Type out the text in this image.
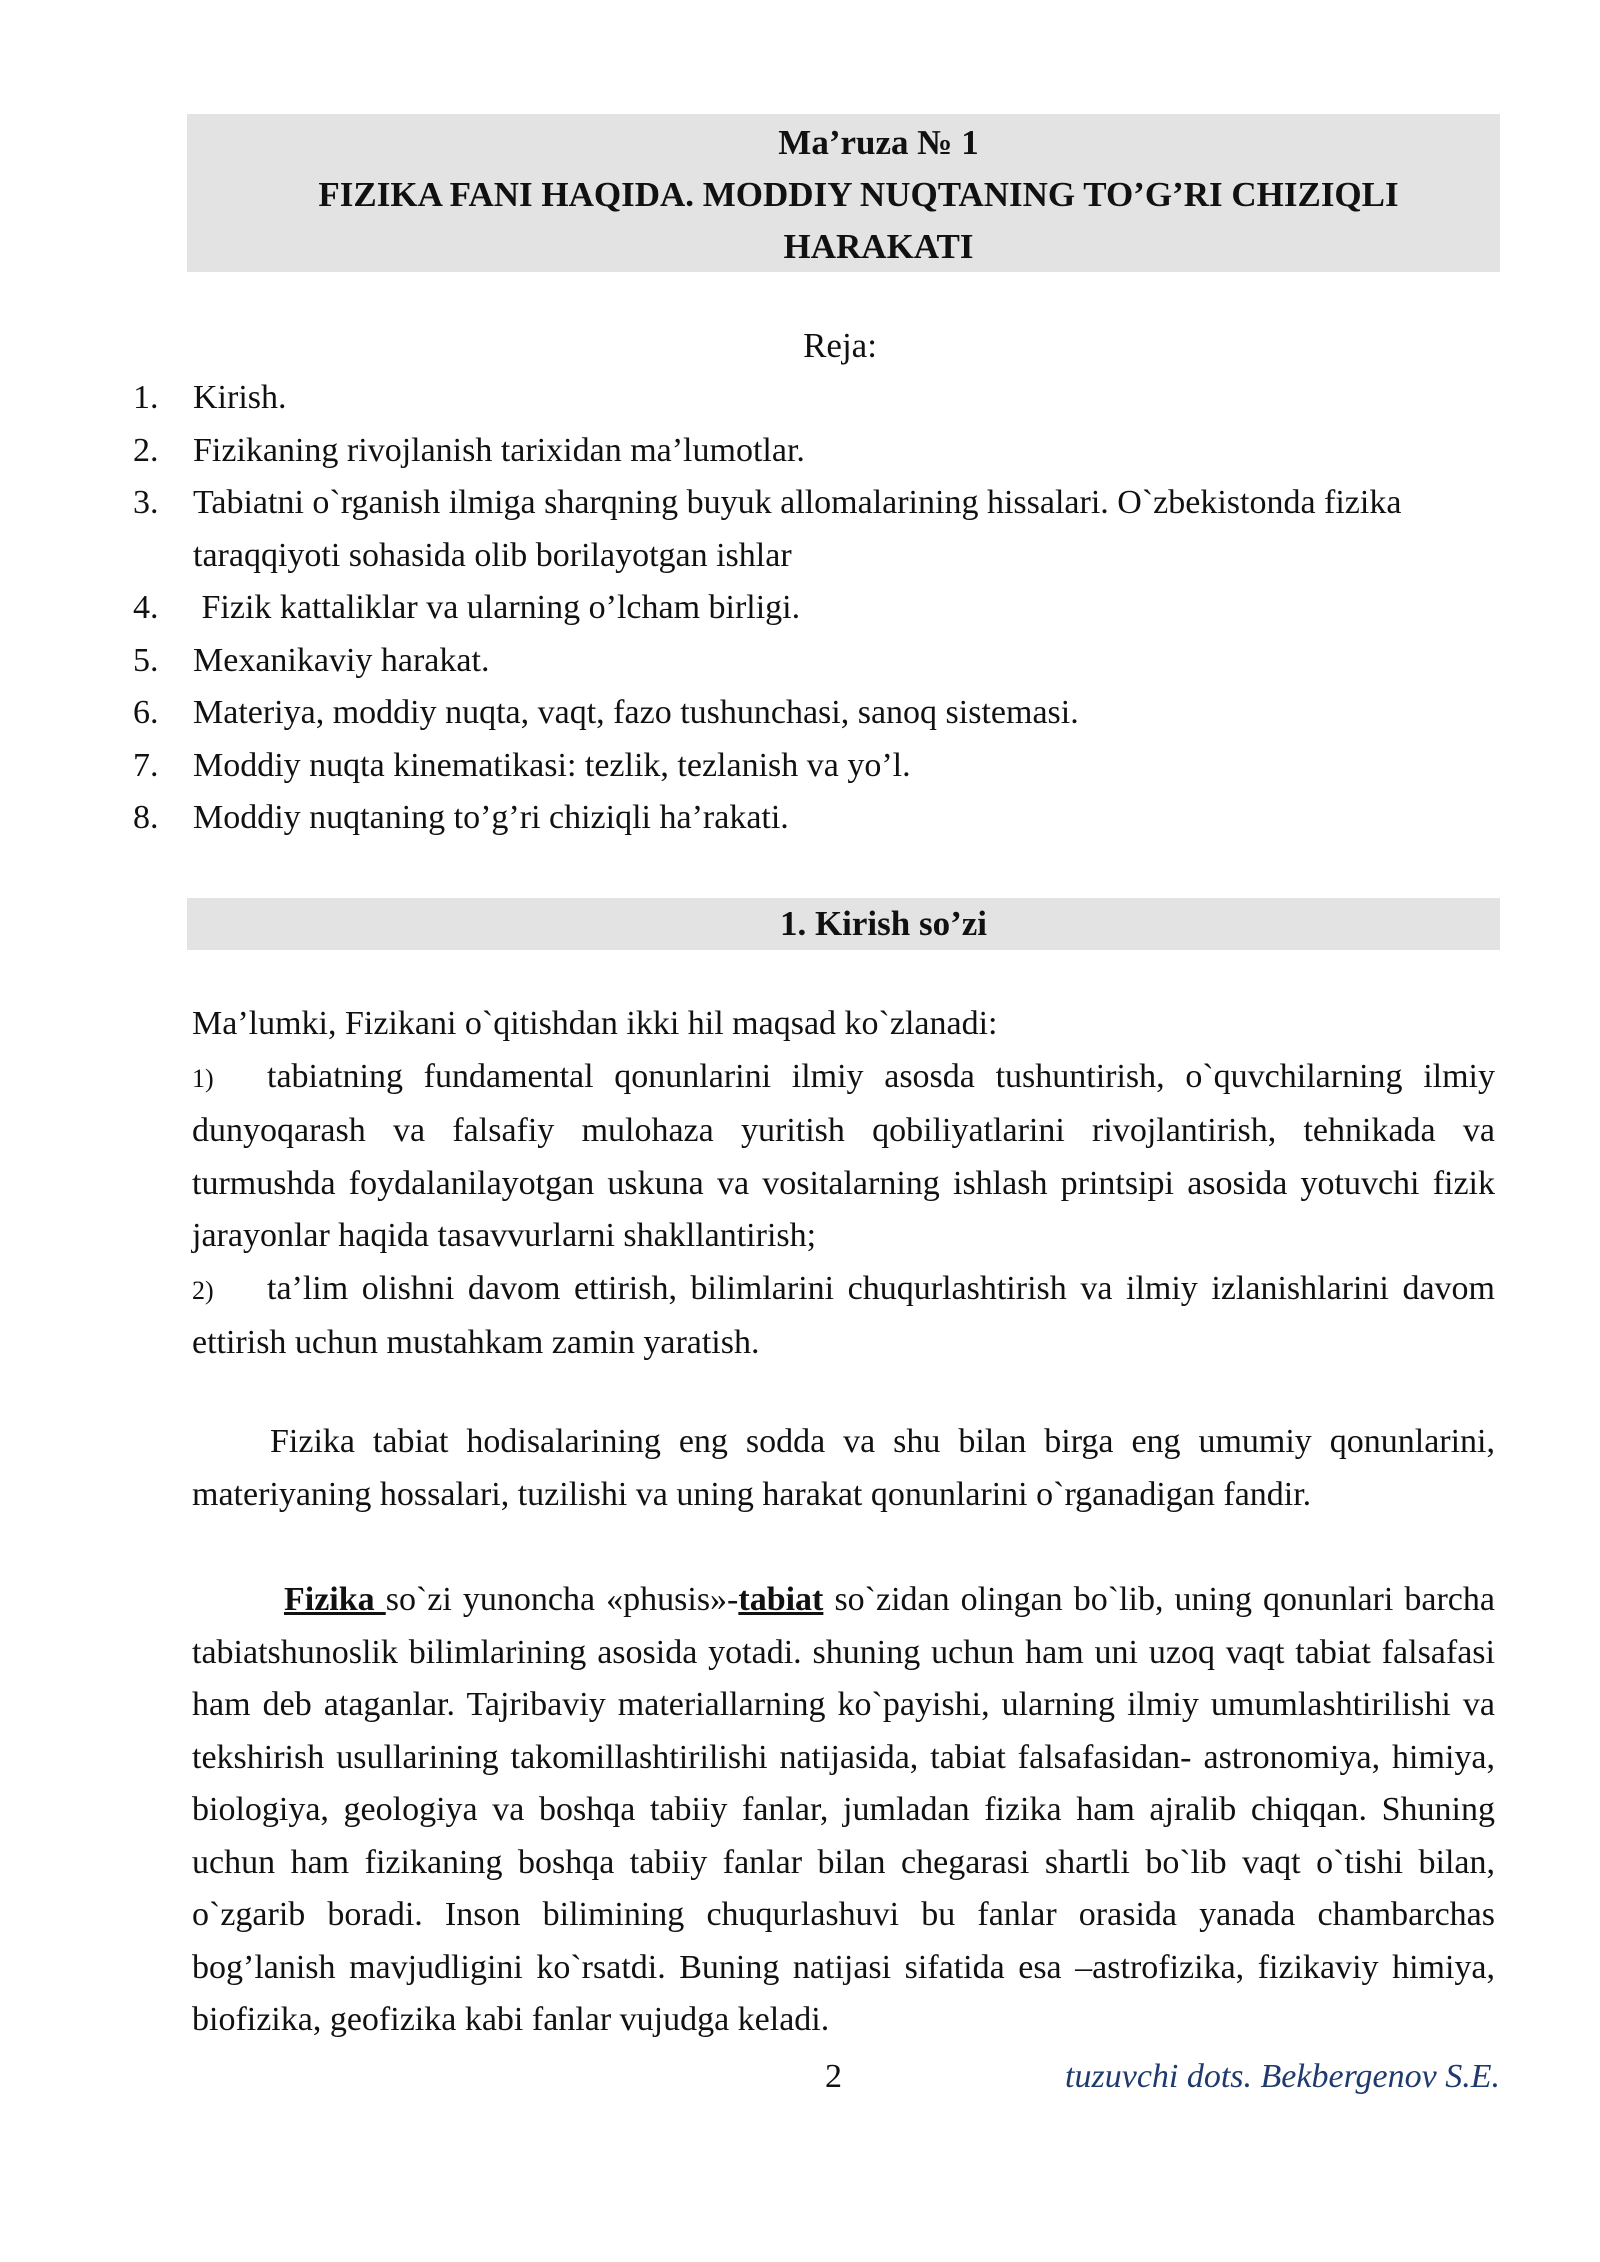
Ma’ruza № 1
FIZIKA FANI HAQIDA. MODDIY NUQTANING TO’G’RI CHIZIQLI
HARAKATI
Reja:
1. Kirish.
2. Fizikaning rivojlanish tarixidan ma’lumotlar.
3. Tabiatni o`rganish ilmiga sharqning buyuk allomalarining hissalari. O`zbekistonda fizika taraqqiyoti sohasida olib borilayotgan ishlar
4. Fizik kattaliklar va ularning o’lcham birligi.
5. Mexanikaviy harakat.
6. Materiya, moddiy nuqta, vaqt, fazo tushunchasi, sanoq sistemasi.
7. Moddiy nuqta kinematikasi: tezlik, tezlanish va yo’l.
8. Moddiy nuqtaning to’g’ri chiziqli ha’rakati.
1. Kirish so’zi
Ma’lumki, Fizikani o`qitishdan ikki hil maqsad ko`zlanadi:
1) tabiatning fundamental qonunlarini ilmiy asosda tushuntirish, o`quvchilarning ilmiy dunyoqarash va falsafiy mulohaza yuritish qobiliyatlarini rivojlantirish, tehnikada va turmushda foydalanilayotgan uskuna va vositalarning ishlash printsipi asosida yotuvchi fizik jarayonlar haqida tasavvurlarni shakllantirish;
2) ta’lim olishni davom ettirish, bilimlarini chuqurlashtirish va ilmiy izlanishlarini davom ettirish uchun mustahkam zamin yaratish.
Fizika tabiat hodisalarining eng sodda va shu bilan birga eng umumiy qonunlarini, materiyaning hossalari, tuzilishi va uning harakat qonunlarini o`rganadigan fandir.
Fizika so`zi yunoncha «phusis»-tabiat so`zidan olingan bo`lib, uning qonunlari barcha tabiatshunoslik bilimlarining asosida yotadi. shuning uchun ham uni uzoq vaqt tabiat falsafasi ham deb ataganlar. Tajribaviy materiallarning ko`payishi, ularning ilmiy umumlashtirilishi va tekshirish usullarining takomillashtirilishi natijasida, tabiat falsafasidan- astronomiya, himiya, biologiya, geologiya va boshqa tabiiy fanlar, jumladan fizika ham ajralib chiqqan. Shuning uchun ham fizikaning boshqa tabiiy fanlar bilan chegarasi shartli bo`lib vaqt o`tishi bilan, o`zgarib boradi. Inson bilimining chuqurlashuvi bu fanlar orasida yanada chambarchas bog’lanish mavjudligini ko`rsatdi. Buning natijasi sifatida esa –astrofizika, fizikaviy himiya, biofizika, geofizika kabi fanlar vujudga keladi.
2	tuzuvchi dots. Bekbergenov S.E.
